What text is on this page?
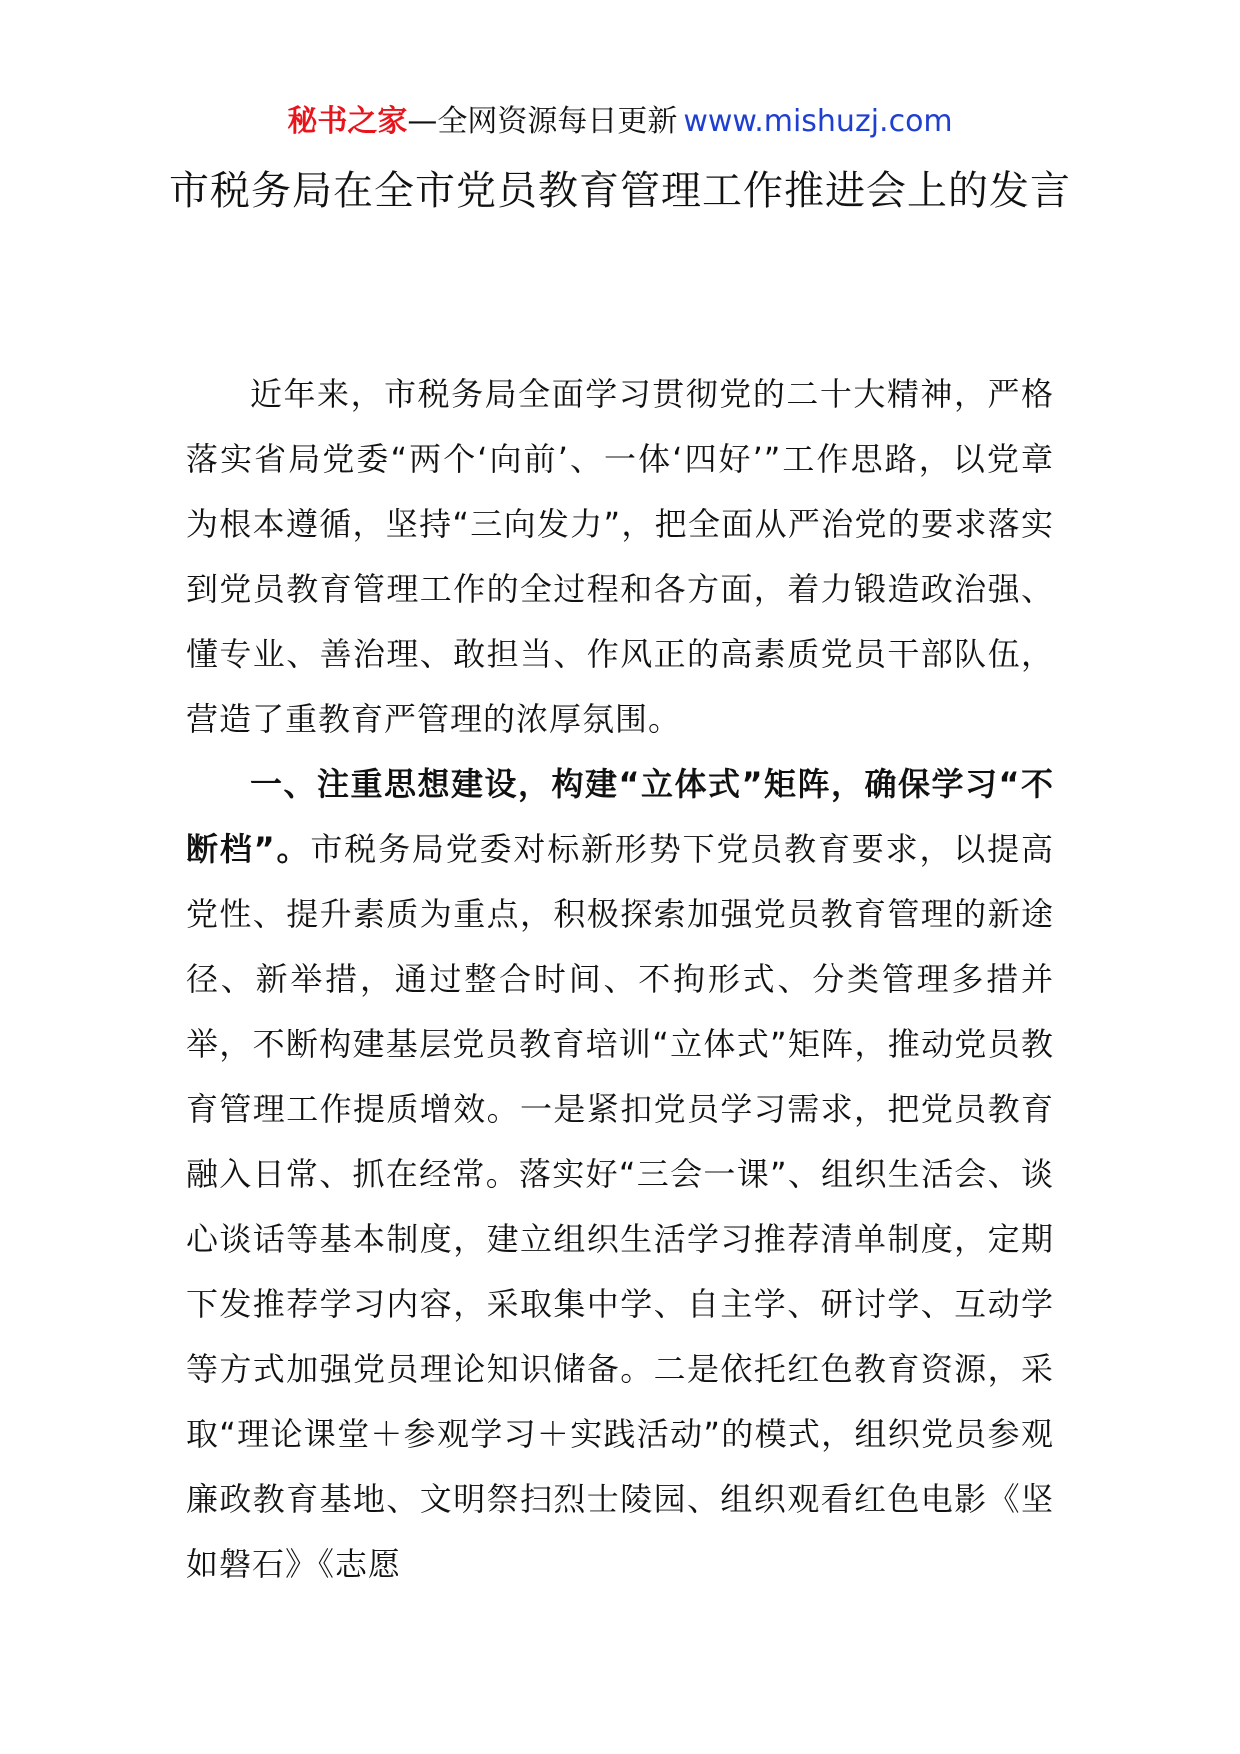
秘书之家—全网资源每日更新 www.mishuzj.com
市税务局在全市党员教育管理工作推进会上的发言

近年来，市税务局全面学习贯彻党的二十大精神，严格落实省局党委“两个‘向前’、一体‘四好’”工作思路，以党章为根本遵循，坚持“三向发力”，把全面从严治党的要求落实到党员教育管理工作的全过程和各方面，着力锻造政治强、懂专业、善治理、敢担当、作风正的高素质党员干部队伍，营造了重教育严管理的浓厚氛围。

一、注重思想建设，构建“立体式”矩阵，确保学习“不断档”。市税务局党委对标新形势下党员教育要求，以提高党性、提升素质为重点，积极探索加强党员教育管理的新途径、新举措，通过整合时间、不拘形式、分类管理多措并举，不断构建基层党员教育培训“立体式”矩阵，推动党员教育管理工作提质增效。一是紧扣党员学习需求，把党员教育融入日常、抓在经常。落实好“三会一课”、组织生活会、谈心谈话等基本制度，建立组织生活学习推荐清单制度，定期下发推荐学习内容，采取集中学、自主学、研讨学、互动学等方式加强党员理论知识储备。二是依托红色教育资源，采取“理论课堂＋参观学习＋实践活动”的模式，组织党员参观廉政教育基地、文明祭扫烈士陵园、组织观看红色电影《坚如磐石》《志愿
